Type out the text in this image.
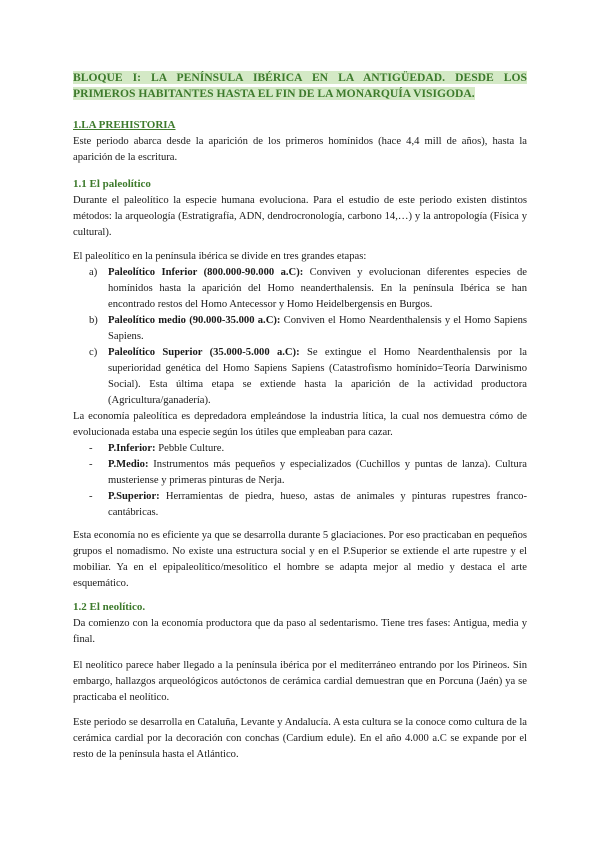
BLOQUE I: LA PENÍNSULA IBÉRICA EN LA ANTIGÜEDAD. DESDE LOS PRIMEROS HABITANTES HASTA EL FIN DE LA MONARQUÍA VISIGODA.
1.LA PREHISTORIA

Este periodo abarca desde la aparición de los primeros homínidos (hace 4,4 mill de años), hasta la aparición de la escritura.

1.1 El paleolítico

Durante el paleolítico la especie humana evoluciona. Para el estudio de este periodo existen distintos métodos: la arqueología (Estratigrafía, ADN, dendrocronología, carbono 14,…) y la antropología (Física y cultural).

El paleolítico en la península ibérica se divide en tres grandes etapas:

a) Paleolítico Inferior (800.000-90.000 a.C): Conviven y evolucionan diferentes especies de homínidos hasta la aparición del Homo neanderthalensis. En la península Ibérica se han encontrado restos del Homo Antecessor y Homo Heidelbergensis en Burgos.
b) Paleolítico medio (90.000-35.000 a.C): Conviven el Homo Neardenthalensis y el Homo Sapiens Sapiens.
c) Paleolítico Superior (35.000-5.000 a.C): Se extingue el Homo Neardenthalensis por la superioridad genética del Homo Sapiens Sapiens (Catastrofismo homínido=Teoría Darwinismo Social). Esta última etapa se extiende hasta la aparición de la actividad productora (Agricultura/ganadería).

La economía paleolítica es depredadora empleándose la industria lítica, la cual nos demuestra cómo de evolucionada estaba una especie según los útiles que empleaban para cazar.

- P.Inferior: Pebble Culture.
- P.Medio: Instrumentos más pequeños y especializados (Cuchillos y puntas de lanza). Cultura musteriense y primeras pinturas de Nerja.
- P.Superior: Herramientas de piedra, hueso, astas de animales y pinturas rupestres franco-cantábricas.

Esta economía no es eficiente ya que se desarrolla durante 5 glaciaciones. Por eso practicaban en pequeños grupos el nomadismo. No existe una estructura social y en el P.Superior se extiende el arte rupestre y el mobiliar. Ya en el epipaleolítico/mesolítico el hombre se adapta mejor al medio y destaca el arte esquemático.

1.2 El neolítico.

Da comienzo con la economía productora que da paso al sedentarismo. Tiene tres fases: Antigua, media y final.

El neolítico parece haber llegado a la península ibérica por el mediterráneo entrando por los Pirineos. Sin embargo, hallazgos arqueológicos autóctonos de cerámica cardial demuestran que en Porcuna (Jaén) ya se practicaba el neolítico.

Este periodo se desarrolla en Cataluña, Levante y Andalucía. A esta cultura se la conoce como cultura de la cerámica cardial por la decoración con conchas (Cardium edule). En el año 4.000 a.C se expande por el resto de la península hasta el Atlántico.
